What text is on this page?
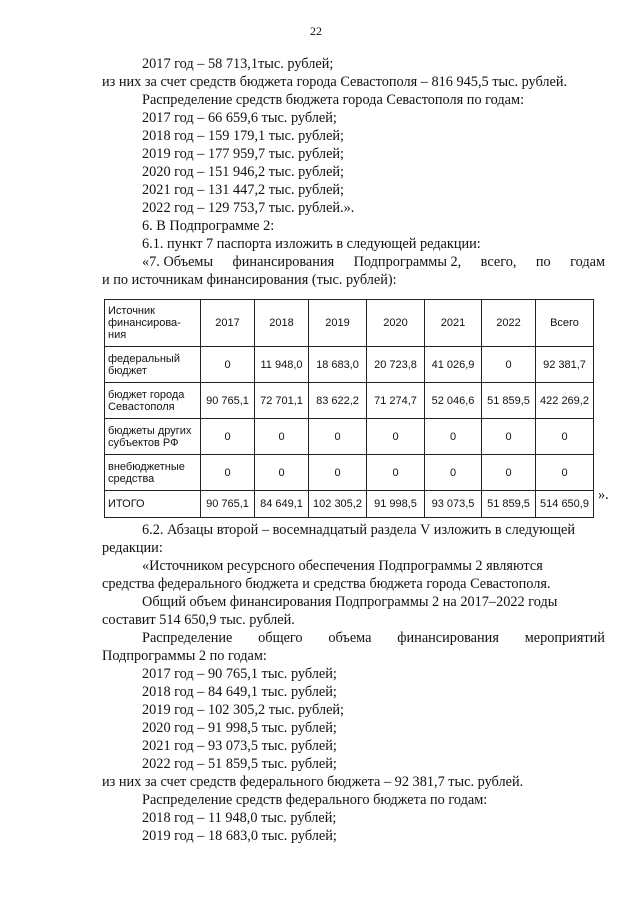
22
2017 год – 58 713,1тыс. рублей;
из них за счет средств бюджета города Севастополя – 816 945,5 тыс. рублей.
Распределение средств бюджета города Севастополя по годам:
2017 год – 66 659,6 тыс. рублей;
2018 год – 159 179,1 тыс. рублей;
2019 год – 177 959,7 тыс. рублей;
2020 год – 151 946,2 тыс. рублей;
2021 год – 131 447,2 тыс. рублей;
2022 год – 129 753,7 тыс. рублей.».
6. В Подпрограмме 2:
6.1. пункт 7 паспорта изложить в следующей редакции:
«7. Объемы финансирования Подпрограммы 2, всего, по годам
и по источникам финансирования (тыс. рублей):
Источник финансирова-ния	2017	2018	2019	2020	2021	2022	Всего
федеральный бюджет	0	11 948,0	18 683,0	20 723,8	41 026,9	0	92 381,7
бюджет города Севастополя	90 765,1	72 701,1	83 622,2	71 274,7	52 046,6	51 859,5	422 269,2
бюджеты других субъектов РФ	0	0	0	0	0	0	0
внебюджетные средства	0	0	0	0	0	0	0
ИТОГО	90 765,1	84 649,1	102 305,2	91 998,5	93 073,5	51 859,5	514 650,9
».
6.2. Абзацы второй – восемнадцатый раздела V изложить в следующей
редакции:
«Источником ресурсного обеспечения Подпрограммы 2 являются
средства федерального бюджета и средства бюджета города Севастополя.
Общий объем финансирования Подпрограммы 2 на 2017–2022 годы
составит 514 650,9 тыс. рублей.
Распределение общего объема финансирования мероприятий
Подпрограммы 2 по годам:
2017 год – 90 765,1 тыс. рублей;
2018 год – 84 649,1 тыс. рублей;
2019 год – 102 305,2 тыс. рублей;
2020 год – 91 998,5 тыс. рублей;
2021 год – 93 073,5 тыс. рублей;
2022 год – 51 859,5 тыс. рублей;
из них за счет средств федерального бюджета – 92 381,7 тыс. рублей.
Распределение средств федерального бюджета по годам:
2018 год – 11 948,0 тыс. рублей;
2019 год – 18 683,0 тыс. рублей;
